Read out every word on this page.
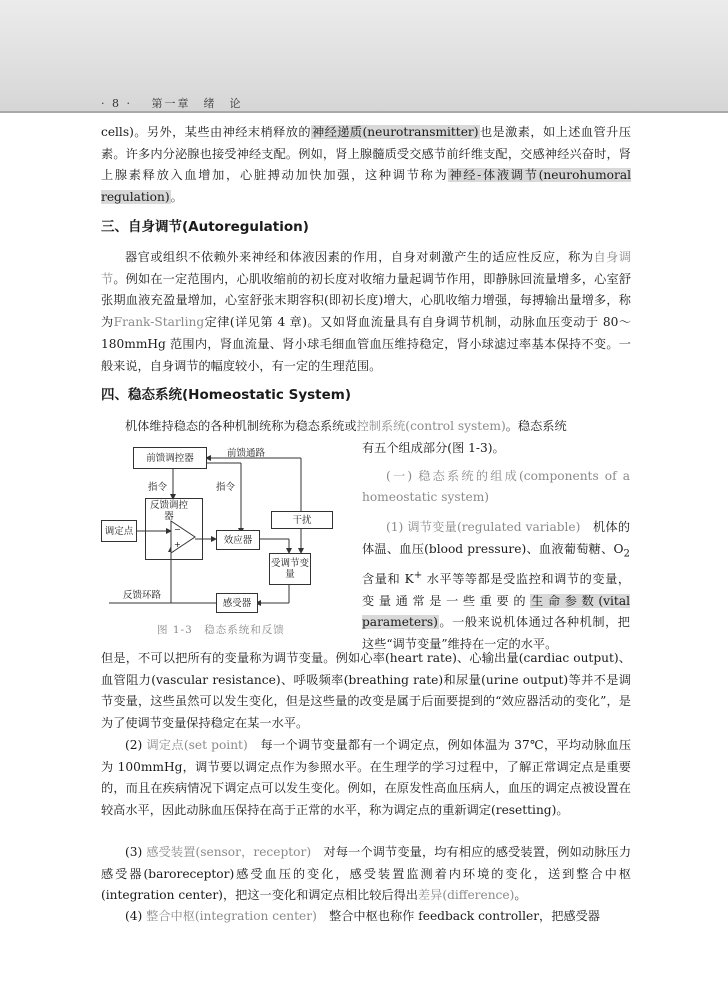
· 8 · 第一章　绪　论

cells)。另外，某些由神经末梢释放的神经递质(neurotransmitter)也是激素，如上述血管升压素。许多内分泌腺也接受神经支配。例如，肾上腺髓质受交感节前纤维支配，交感神经兴奋时，肾上腺素释放入血增加，心脏搏动加快加强，这种调节称为神经-体液调节(neurohumoral regulation)。

三、自身调节(Autoregulation)

器官或组织不依赖外来神经和体液因素的作用，自身对刺激产生的适应性反应，称为自身调节。例如在一定范围内，心肌收缩前的初长度对收缩力量起调节作用，即静脉回流量增多，心室舒张期血液充盈量增加，心室舒张末期容积(即初长度)增大，心肌收缩力增强，每搏输出量增多，称为Frank-Starling定律(详见第 4 章)。又如肾血流量具有自身调节机制，动脉血压变动于 80～180mmHg 范围内，肾血流量、肾小球毛细血管血压维持稳定，肾小球滤过率基本保持不变。一般来说，自身调节的幅度较小，有一定的生理范围。

四、稳态系统(Homeostatic System)

机体维持稳态的各种机制统称为稳态系统或控制系统(control system)。稳态系统

有五个组成部分(图 1-3)。

(一) 稳态系统的组成(components of a homeostatic system)

(1) 调节变量(regulated variable)　 机体的体温、血压(blood pressure)、血液葡萄糖、$O_2$ 含量和 K+ 水平等等都是受监控和调节的变量，变量通常是一些重要的生命参数(vital parameters)。一般来说机体通过各种机制，把这些“调节变量”维持在一定的水平。

前馈调控器	前馈通路
指令	指令
反馈调控器
调定点	−
+	效应器
干扰
受调节变量
反馈环路
感受器
图 1-3　稳态系统和反馈

但是，不可以把所有的变量称为调节变量。例如心率(heart rate)、心输出量(cardiac output)、血管阻力(vascular resistance)、呼吸频率(breathing rate)和尿量(urine output)等并不是调节变量，这些虽然可以发生变化，但是这些量的改变是属于后面要提到的“效应器活动的变化”，是为了使调节变量保持稳定在某一水平。

(2) 调定点(set point)　 每一个调节变量都有一个调定点，例如体温为 37℃，平均动脉血压为 100mmHg，调节要以调定点作为参照水平。在生理学的学习过程中，了解正常调定点是重要的，而且在疾病情况下调定点可以发生变化。例如，在原发性高血压病人，血压的调定点被设置在较高水平，因此动脉血压保持在高于正常的水平，称为调定点的重新调定(resetting)。

(3) 感受装置(sensor，receptor)　 对每一个调节变量，均有相应的感受装置，例如动脉压力感受器(baroreceptor)感受血压的变化，感受装置监测着内环境的变化，送到整合中枢(integration center)，把这一变化和调定点相比较后得出差异(difference)。

(4) 整合中枢(integration center)　 整合中枢也称作 feedback controller，把感受器
